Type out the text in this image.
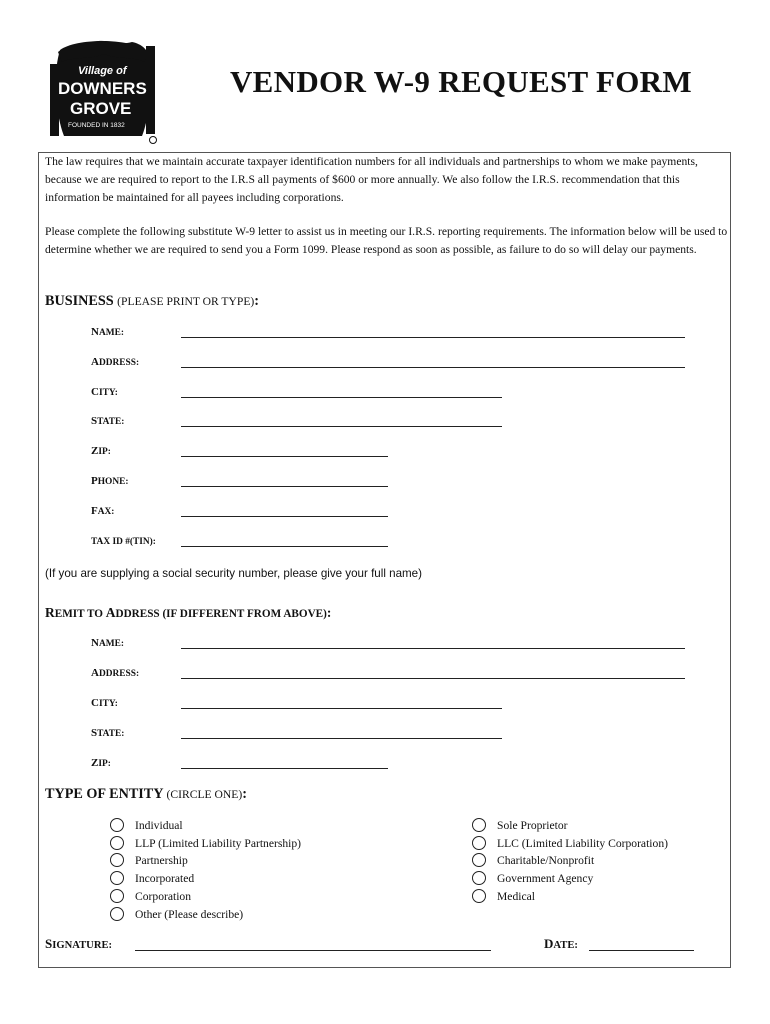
Village of
DOWNERS
GROVE
FOUNDED IN 1832
VENDOR W-9 REQUEST FORM
The law requires that we maintain accurate taxpayer identification numbers for all individuals and partnerships to whom we make payments, because we are required to report to the I.R.S all payments of $600 or more annually. We also follow the I.R.S. recommendation that this information be maintained for all payees including corporations.
Please complete the following substitute W-9 letter to assist us in meeting our I.R.S. reporting requirements. The information below will be used to determine whether we are required to send you a Form 1099. Please respond as soon as possible, as failure to do so will delay our payments.
BUSINESS (PLEASE PRINT OR TYPE):
NAME:
ADDRESS:
CITY:
STATE:
ZIP:
PHONE:
FAX:
TAX ID #(TIN):
(If you are supplying a social security number, please give your full name)
REMIT TO ADDRESS (IF DIFFERENT FROM ABOVE):
NAME:
ADDRESS:
CITY:
STATE:
ZIP:
TYPE OF ENTITY (CIRCLE ONE):
Individual
LLP (Limited Liability Partnership)
Partnership
Incorporated
Corporation
Other (Please describe)
Sole Proprietor
LLC (Limited Liability Corporation)
Charitable/Nonprofit
Government Agency
Medical
SIGNATURE:	DATE:
